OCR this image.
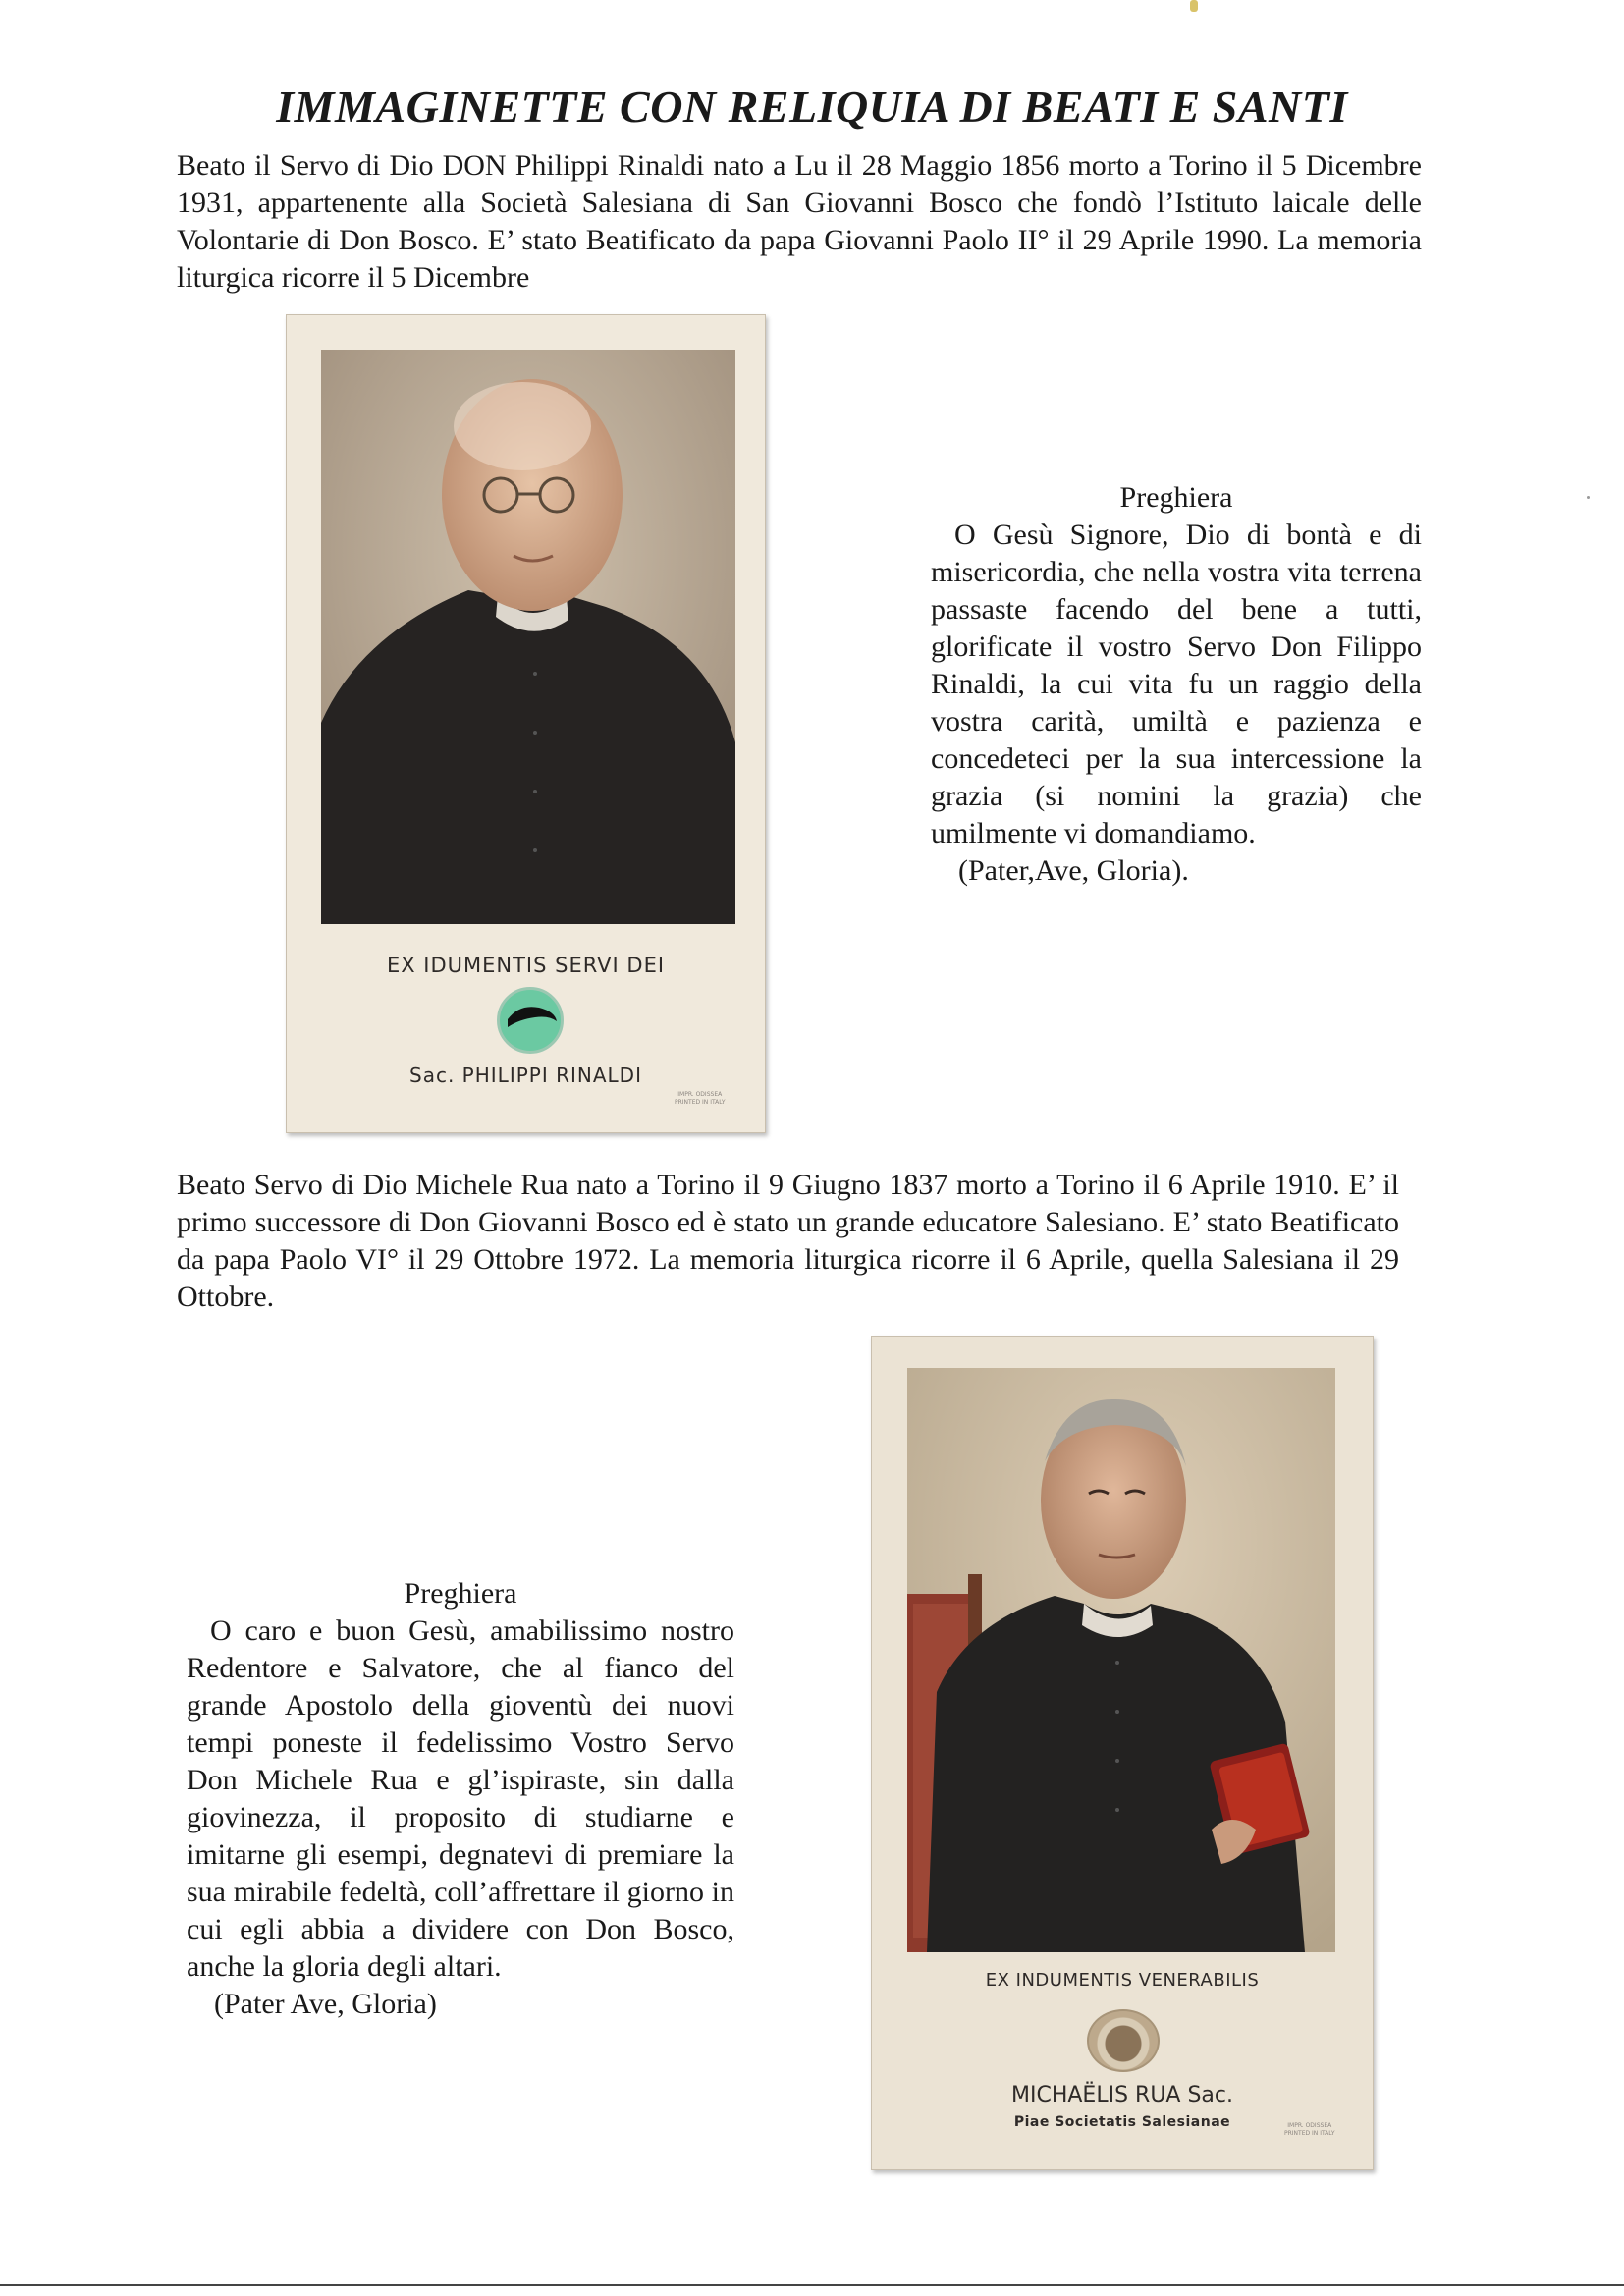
IMMAGINETTE CON RELIQUIA DI BEATI E SANTI

Beato il Servo di Dio DON Philippi Rinaldi nato a Lu il 28 Maggio 1856 morto a Torino il 5 Dicembre 1931, appartenente alla Società Salesiana di San Giovanni Bosco che fondò l’Istituto laicale delle Volontarie di Don Bosco. E’ stato Beatificato da papa Giovanni Paolo II° il 29 Aprile 1990. La memoria liturgica ricorre il 5 Dicembre

EX IDUMENTIS SERVI DEI

Sac. PHILIPPI RINALDI

IMPR. ODISSEA
PRINTED IN ITALY
Preghiera
O Gesù Signore, Dio di bontà e di misericordia, che nella vostra vita terrena passaste facendo del bene a tutti, glorificate il vostro Servo Don Filippo Rinaldi, la cui vita fu un raggio della vostra carità, umiltà e pazienza e concedeteci per la sua intercessione la grazia (si nomini la grazia) che umilmente vi domandiamo.
(Pater,Ave, Gloria).

Beato Servo di Dio Michele Rua nato a Torino il 9 Giugno 1837 morto a Torino il 6 Aprile 1910. E’ il primo successore di Don Giovanni Bosco ed è stato un grande educatore Salesiano. E’ stato Beatificato da papa Paolo VI° il 29 Ottobre 1972. La memoria liturgica ricorre il 6 Aprile, quella Salesiana il 29 Ottobre.

Preghiera
O caro e buon Gesù, amabilissimo nostro Redentore e Salvatore, che al fianco del grande Apostolo della gioventù dei nuovi tempi poneste il fedelissimo Vostro Servo Don Michele Rua e gl’ispiraste, sin dalla giovinezza, il proposito di studiarne e imitarne gli esempi, degnatevi di premiare la sua mirabile fedeltà, coll’affrettare il giorno in cui egli abbia a dividere con Don Bosco, anche la gloria degli altari.
(Pater Ave, Gloria)

EX INDUMENTIS VENERABILIS

MICHAËLIS RUA Sac.

Piae Societatis Salesianae	IMPR. ODISSEA
PRINTED IN ITALY
